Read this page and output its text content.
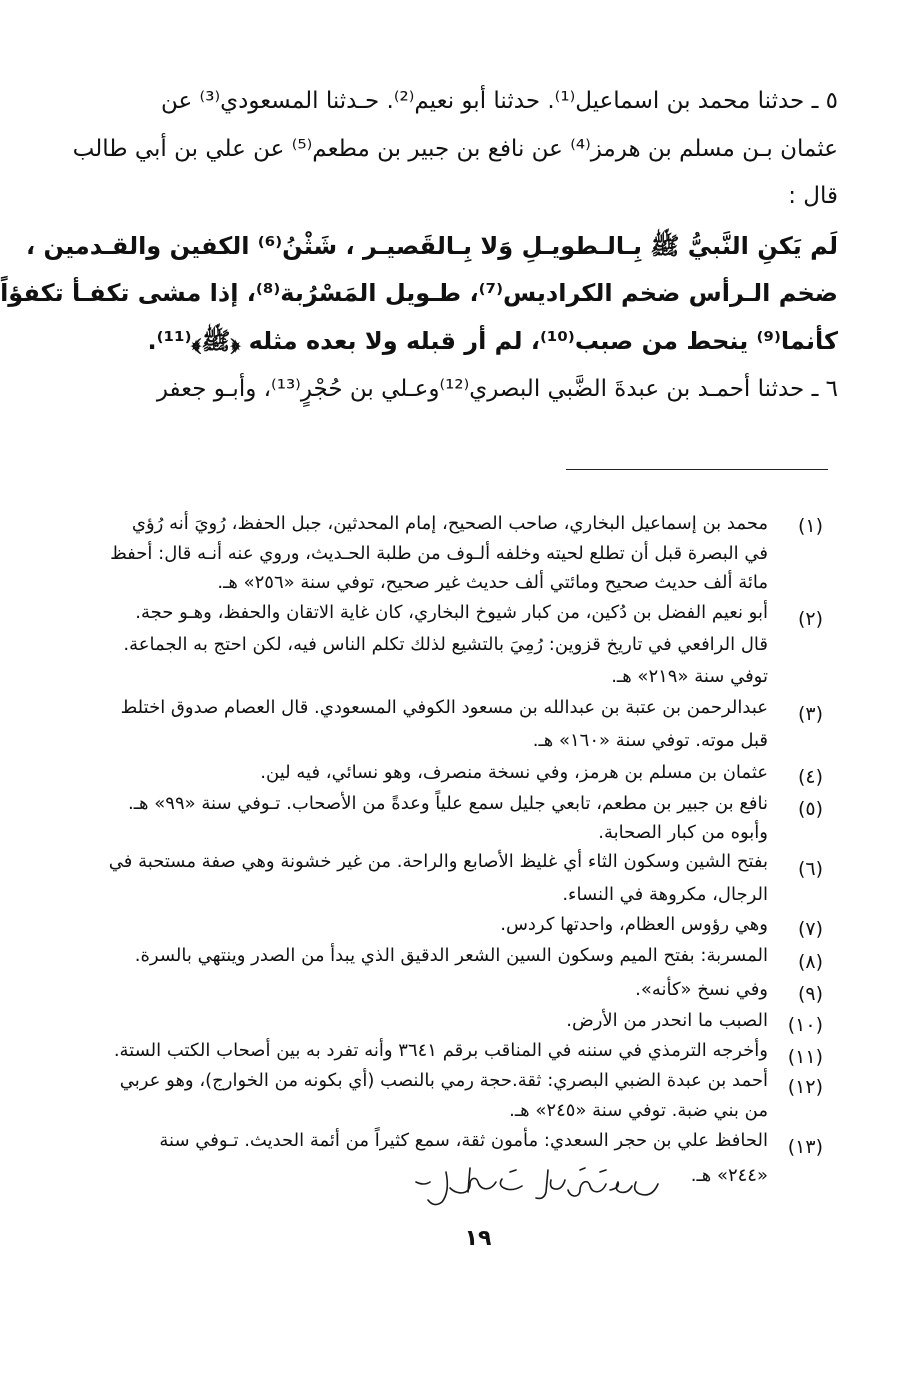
٥ ـ حدثنا محمد بن اسماعيل⁽¹⁾. حدثنا أبو نعيم⁽²⁾. حـدثنا المسعودي⁽³⁾ عن
عثمان بـن مسلم بن هرمز⁽⁴⁾ عن نافع بن جبير بن مطعم⁽⁵⁾ عن علي بن أبي طالب
قال :
لَم يَكنِ النَّبيُّ ﷺ بِـالـطويـلِ وَلا بِـالقَصيـر ، شَثْنُ⁽⁶⁾ الكفين والقـدمين ،
ضخم الـرأس ضخم الكراديس⁽⁷⁾، طـويل المَسْرُبة⁽⁸⁾، إذا مشى تكفـأ تكفؤاً
كأنما⁽⁹⁾ ينحط من صبب⁽¹⁰⁾، لم أر قبله ولا بعده مثله ﴿ﷺ﴾⁽¹¹⁾.
٦ ـ حدثنا أحمـد بن عبدةَ الضَّبي البصري⁽¹²⁾وعـلي بن حُجْرٍ⁽¹³⁾، وأبـو جعفر
(١)
محمد بن إسماعيل البخاري، صاحب الصحيح، إمام المحدثين، جبل الحفظ، رُويَ أنه رُؤي
في البصرة قبل أن تطلع لحيته وخلفه ألـوف من طلبة الحـديث، وروي عنه أنـه قال: أحفظ
مائة ألف حديث صحيح ومائتي ألف حديث غير صحيح، توفي سنة «٢٥٦» هـ.
(٢)
أبو نعيم الفضل بن دُكين، من كبار شيوخ البخاري، كان غاية الاتقان والحفظ، وهـو حجة.
قال الرافعي في تاريخ قزوين: رُمِيَ بالتشيع لذلك تكلم الناس فيه، لكن احتج به الجماعة.
توفي سنة «٢١٩» هـ.
(٣)
عبدالرحمن بن عتبة بن عبدالله بن مسعود الكوفي المسعودي. قال العصام صدوق اختلط
قبل موته. توفي سنة «١٦٠» هـ.
(٤)
عثمان بن مسلم بن هرمز، وفي نسخة منصرف، وهو نسائي، فيه لين.
(٥)
نافع بن جبير بن مطعم، تابعي جليل سمع علياً وعدةً من الأصحاب. تـوفي سنة «٩٩» هـ.
وأبوه من كبار الصحابة.
(٦)
بفتح الشين وسكون الثاء أي غليظ الأصابع والراحة. من غير خشونة وهي صفة مستحبة في
الرجال، مكروهة في النساء.
(٧)
وهي رؤوس العظام، واحدتها كردس.
(٨)
المسربة: بفتح الميم وسكون السين الشعر الدقيق الذي يبدأ من الصدر وينتهي بالسرة.
(٩)
وفي نسخ «كأنه».
(١٠)
الصبب ما انحدر من الأرض.
(١١)
وأخرجه الترمذي في سننه في المناقب برقم ٣٦٤١ وأنه تفرد به بين أصحاب الكتب الستة.
(١٢)
أحمد بن عبدة الضبي البصري: ثقة.حجة رمي بالنصب (أي بكونه من الخوارج)، وهو عربي
من بني ضبة. توفي سنة «٢٤٥» هـ.
(١٣)
الحافظ علي بن حجر السعدي: مأمون ثقة، سمع كثيراً من أئمة الحديث. تـوفي سنة
«٢٤٤» هـ.
١٩
